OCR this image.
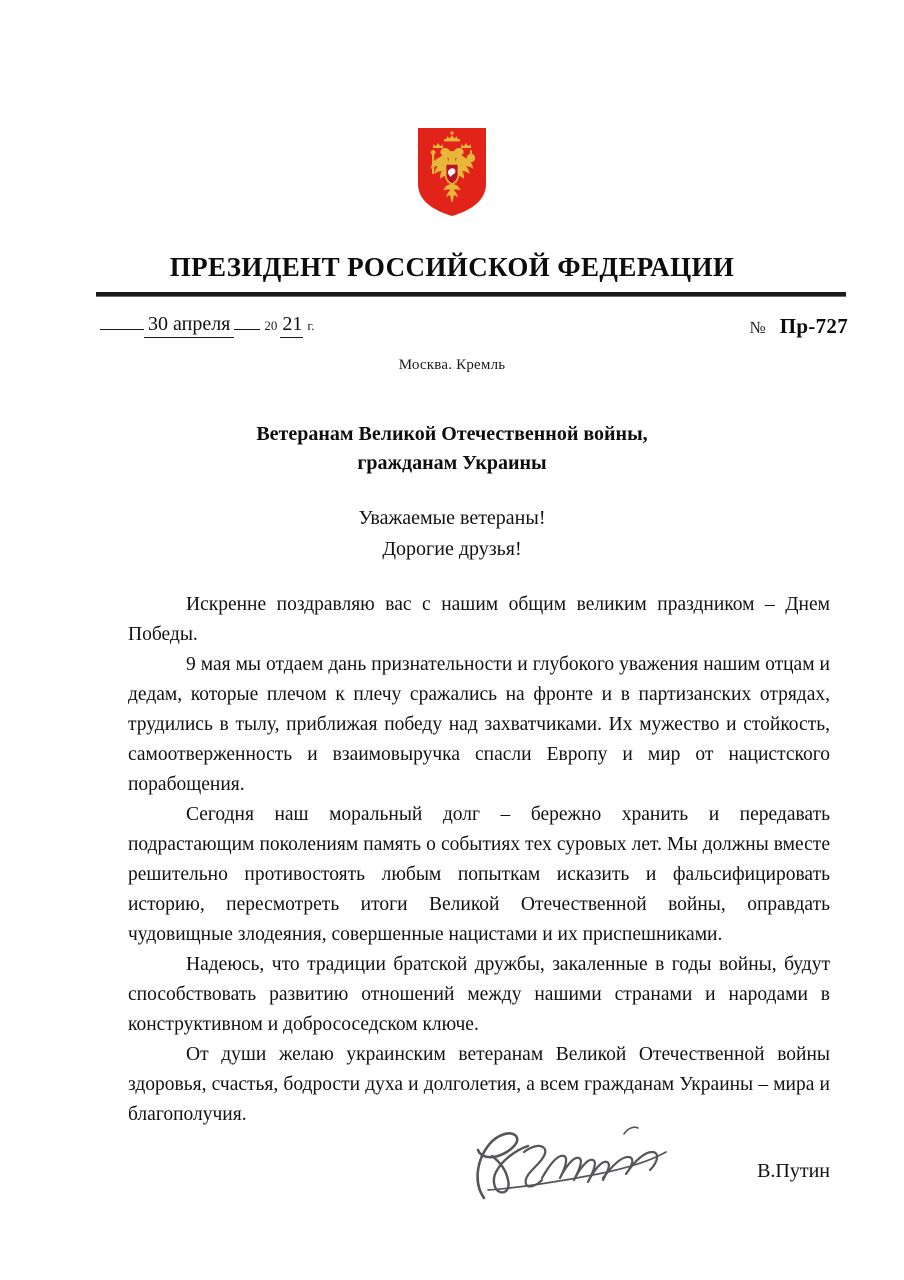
ПРЕЗИДЕНТ РОССИЙСКОЙ ФЕДЕРАЦИИ
30 апреля	20 21 г.	№ Пр-727
Москва. Кремль
Ветеранам Великой Отечественной войны,
гражданам Украины
Уважаемые ветераны!
Дорогие друзья!

Искренне поздравляю вас с нашим общим великим праздником – Днем Победы.

9 мая мы отдаем дань признательности и глубокого уважения нашим отцам и дедам, которые плечом к плечу сражались на фронте и в партизанских отрядах, трудились в тылу, приближая победу над захватчиками. Их мужество и стойкость, самоотверженность и взаимовыручка спасли Европу и мир от нацистского порабощения.

Сегодня наш моральный долг – бережно хранить и передавать подрастающим поколениям память о событиях тех суровых лет. Мы должны вместе решительно противостоять любым попыткам исказить и фальсифицировать историю, пересмотреть итоги Великой Отечественной войны, оправдать чудовищные злодеяния, совершенные нацистами и их приспешниками.

Надеюсь, что традиции братской дружбы, закаленные в годы войны, будут способствовать развитию отношений между нашими странами и народами в конструктивном и добрососедском ключе.

От души желаю украинским ветеранам Великой Отечественной войны здоровья, счастья, бодрости духа и долголетия, а всем гражданам Украины – мира и благополучия.

В.Путин
